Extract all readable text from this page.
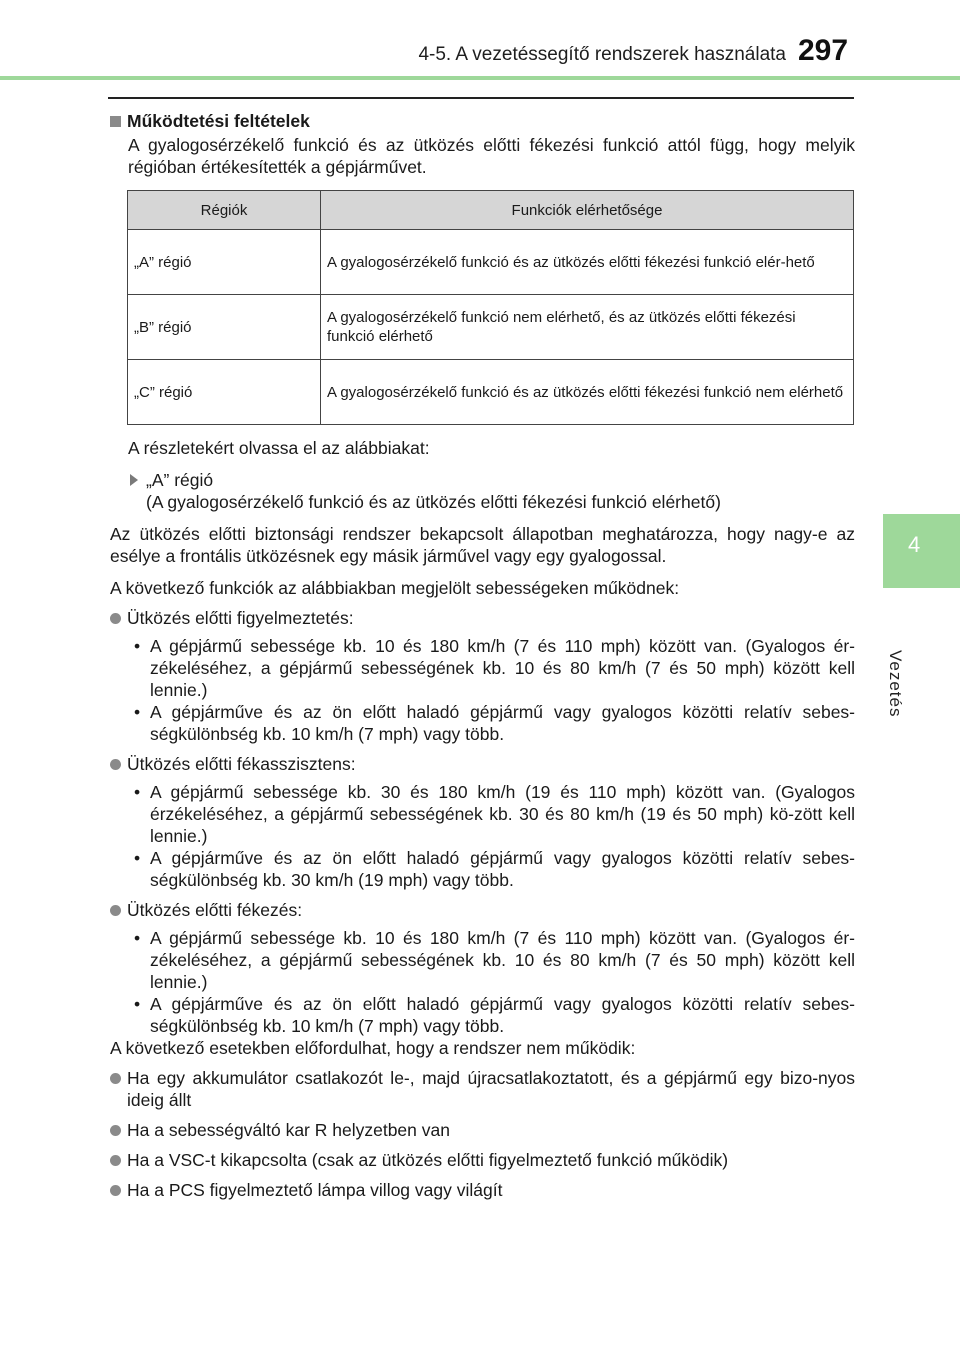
4-5. A vezetéssegítő rendszerek használata 297
4
Vezetés
Működtetési feltételek
A gyalogosérzékelő funkció és az ütközés előtti fékezési funkció attól függ, hogy melyik régióban értékesítették a gépjárművet.
Régiók	Funkciók elérhetősége
„A” régió	A gyalogosérzékelő funkció és az ütközés előtti fékezési funkció elér-hető
„B” régió	A gyalogosérzékelő funkció nem elérhető, és az ütközés előtti fékezési funkció elérhető
„C” régió	A gyalogosérzékelő funkció és az ütközés előtti fékezési funkció nem elérhető
A részletekért olvassa el az alábbiakat:
„A” régió
(A gyalogosérzékelő funkció és az ütközés előtti fékezési funkció elérhető)
Az ütközés előtti biztonsági rendszer bekapcsolt állapotban meghatározza, hogy nagy-e az esélye a frontális ütközésnek egy másik járművel vagy egy gyalogossal.
A következő funkciók az alábbiakban megjelölt sebességeken működnek:
Ütközés előtti figyelmeztetés:
• A gépjármű sebessége kb. 10 és 180 km/h (7 és 110 mph) között van. (Gyalogos ér-zékeléséhez, a gépjármű sebességének kb. 10 és 80 km/h (7 és 50 mph) között kell lennie.)
• A gépjárműve és az ön előtt haladó gépjármű vagy gyalogos közötti relatív sebes-ségkülönbség kb. 10 km/h (7 mph) vagy több.
Ütközés előtti fékasszisztens:
• A gépjármű sebessége kb. 30 és 180 km/h (19 és 110 mph) között van. (Gyalogos érzékeléséhez, a gépjármű sebességének kb. 30 és 80 km/h (19 és 50 mph) kö-zött kell lennie.)
• A gépjárműve és az ön előtt haladó gépjármű vagy gyalogos közötti relatív sebes-ségkülönbség kb. 30 km/h (19 mph) vagy több.
Ütközés előtti fékezés:
• A gépjármű sebessége kb. 10 és 180 km/h (7 és 110 mph) között van. (Gyalogos ér-zékeléséhez, a gépjármű sebességének kb. 10 és 80 km/h (7 és 50 mph) között kell lennie.)
• A gépjárműve és az ön előtt haladó gépjármű vagy gyalogos közötti relatív sebes-ségkülönbség kb. 10 km/h (7 mph) vagy több.
A következő esetekben előfordulhat, hogy a rendszer nem működik:
Ha egy akkumulátor csatlakozót le-, majd újracsatlakoztatott, és a gépjármű egy bizo-nyos ideig állt
Ha a sebességváltó kar R helyzetben van
Ha a VSC-t kikapcsolta (csak az ütközés előtti figyelmeztető funkció működik)
Ha a PCS figyelmeztető lámpa villog vagy világít
